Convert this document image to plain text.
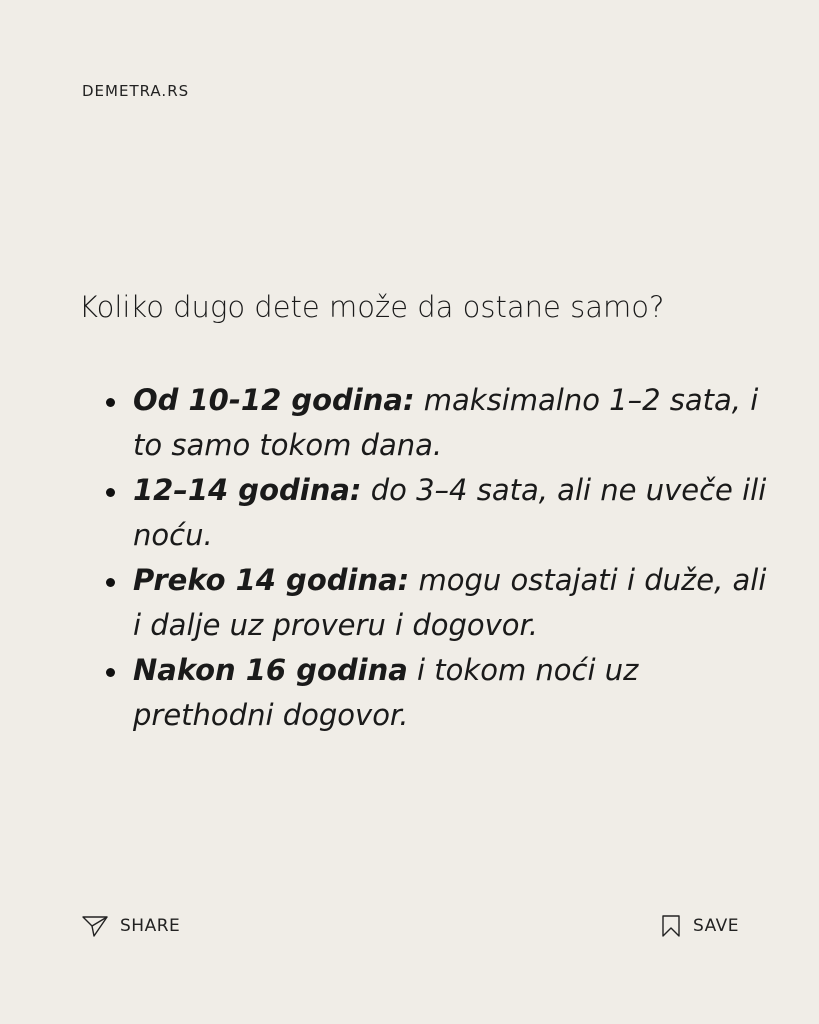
DEMETRA.RS
Koliko dugo dete može da ostane samo?
Od 10-12 godina: maksimalno 1–2 sata, i to samo tokom dana.
12–14 godina: do 3–4 sata, ali ne uveče ili noću.
Preko 14 godina: mogu ostajati i duže, ali i dalje uz proveru i dogovor.
Nakon 16 godina i tokom noći uz prethodni dogovor.
SHARE	SAVE
